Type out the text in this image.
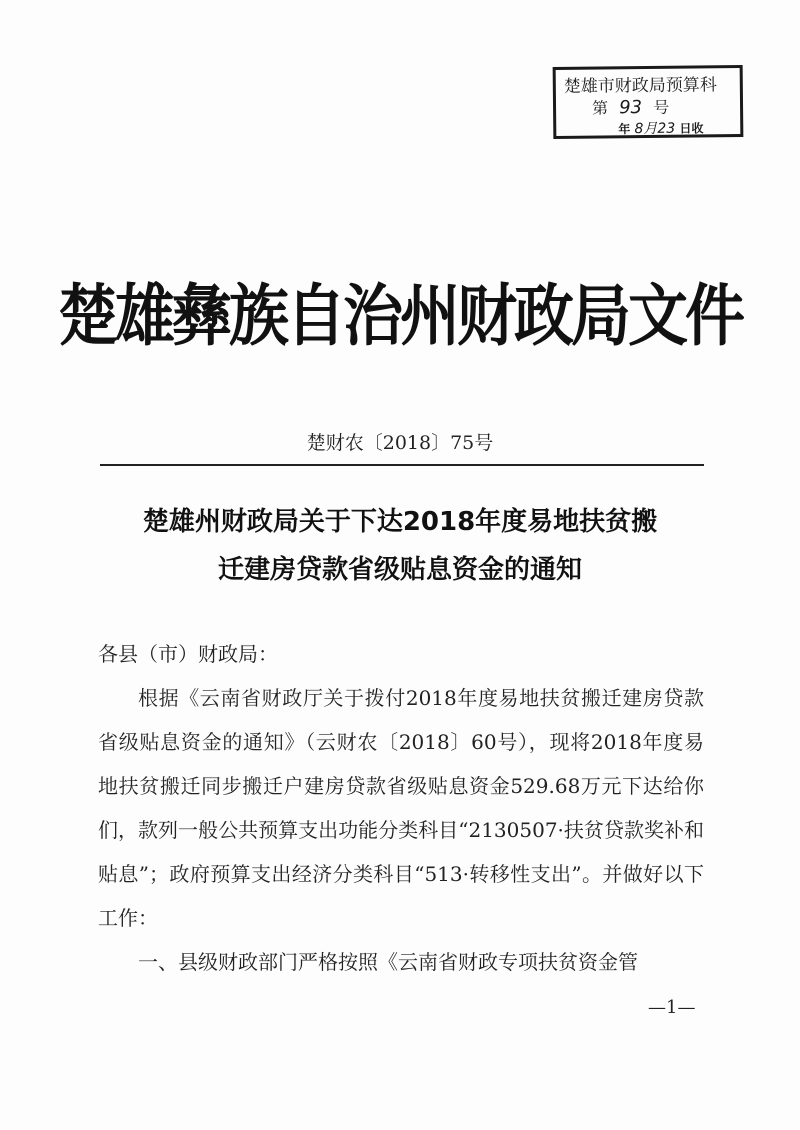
楚雄市财政局预算科
第 93 号
年 8月23 日收
楚雄彝族自治州财政局文件
楚财农〔2018〕75号
楚雄州财政局关于下达2018年度易地扶贫搬
迁建房贷款省级贴息资金的通知

各县（市）财政局：

根据《云南省财政厅关于拨付2018年度易地扶贫搬迁建房贷款省级贴息资金的通知》（云财农〔2018〕60号），现将2018年度易地扶贫搬迁同步搬迁户建房贷款省级贴息资金529.68万元下达给你们，款列一般公共预算支出功能分类科目“2130507·扶贫贷款奖补和贴息”；政府预算支出经济分类科目“513·转移性支出”。并做好以下工作：

一、县级财政部门严格按照《云南省财政专项扶贫资金管

—1—
